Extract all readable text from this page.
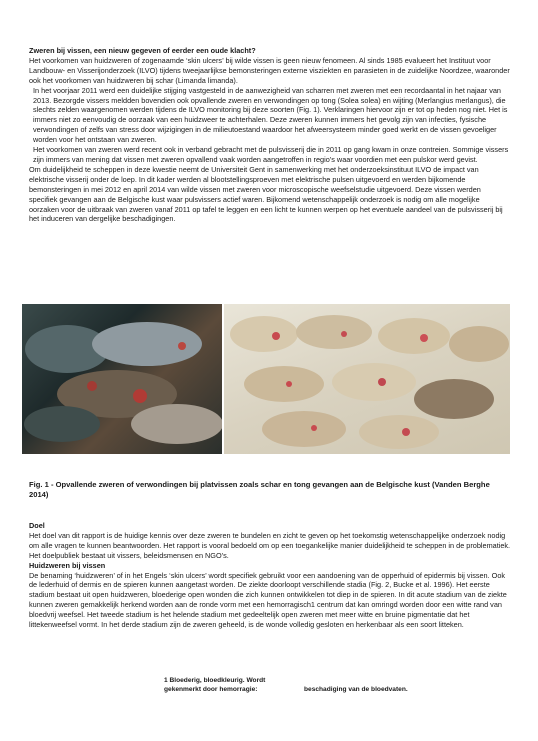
Zweren bij vissen, een nieuw gegeven of eerder een oude klacht?

Het voorkomen van huidzweren of zogenaamde ‘skin ulcers’ bij wilde vissen is geen nieuw fenomeen. Al sinds 1985 evalueert het Instituut voor Landbouw- en Visserijonderzoek (ILVO) tijdens tweejaarlijkse bemonsteringen externe visziekten en parasieten in de zuidelijke Noordzee, waaronder ook het voorkomen van huidzweren bij schar (Limanda limanda).

In het voorjaar 2011 werd een duidelijke stijging vastgesteld in de aanwezigheid van scharren met zweren met een recordaantal in het najaar van 2013. Bezorgde vissers meldden bovendien ook opvallende zweren en verwondingen op tong (Solea solea) en wijting (Merlangius merlangus), die slechts zelden waargenomen werden tijdens de ILVO monitoring bij deze soorten (Fig. 1). Verklaringen hiervoor zijn er tot op heden nog niet. Het is immers niet zo eenvoudig de oorzaak van een huidzweer te achterhalen. Deze zweren kunnen immers het gevolg zijn van infecties, fysische verwondingen of zelfs van stress door wijzigingen in de milieutoestand waardoor het afweersysteem minder goed werkt en de vissen gevoeliger worden voor het ontstaan van zweren.

Het voorkomen van zweren werd recent ook in verband gebracht met de pulsvisserij die in 2011 op gang kwam in onze contreien. Sommige vissers zijn immers van mening dat vissen met zweren opvallend vaak worden aangetroffen in regio’s waar voordien met een pulskor werd gevist.

Om duidelijkheid te scheppen in deze kwestie neemt de Universiteit Gent in samenwerking met het onderzoeksinstituut ILVO de impact van elektrische visserij onder de loep. In dit kader werden al blootstellingsproeven met elektrische pulsen uitgevoerd en werden bijkomende bemonsteringen in mei 2012 en april 2014 van wilde vissen met zweren voor microscopische weefselstudie uitgevoerd. Deze vissen werden specifiek gevangen aan de Belgische kust waar pulsvissers actief waren. Bijkomend wetenschappelijk onderzoek is nodig om alle mogelijke oorzaken voor de uitbraak van zweren vanaf 2011 op tafel te leggen en een licht te kunnen werpen op het eventuele aandeel van de pulsvisserij bij het induceren van dergelijke beschadigingen.

Fig. 1 - Opvallende zweren of verwondingen bij platvissen zoals schar en tong gevangen aan de Belgische kust (Vanden Berghe 2014)

Doel

Het doel van dit rapport is de huidige kennis over deze zweren te bundelen en zicht te geven op het toekomstig wetenschappelijke onderzoek nodig om alle vragen te kunnen beantwoorden. Het rapport is vooral bedoeld om op een toegankelijke manier duidelijkheid te scheppen in de problematiek. Het doelpubliek bestaat uit vissers, beleidsmensen en NGO’s.

Huidzweren bij vissen

De benaming ‘huidzweren’ of in het Engels ‘skin ulcers’ wordt specifiek gebruikt voor een aandoening van de opperhuid of epidermis bij vissen. Ook de lederhuid of dermis en de spieren kunnen aangetast worden. De ziekte doorloopt verschillende stadia (Fig. 2, Bucke et al. 1996). Het eerste stadium bestaat uit open huidzweren, bloederige open wonden die zich kunnen ontwikkelen tot diep in de spieren. In dit acute stadium van de ziekte kunnen zweren gemakkelijk herkend worden aan de ronde vorm met een hemorragisch1 centrum dat kan omringd worden door een witte rand van bloedvrij weefsel. Het tweede stadium is het helende stadium met gedeeltelijk open zweren met meer witte en bruine pigmentatie dat het littekenweefsel vormt. In het derde stadium zijn de zweren geheeld, is de wonde volledig gesloten en herkenbaar als een soort litteken.

1 Bloederig, bloedkleurig. Wordt
gekenmerkt door hemorragie:	beschadiging van de bloedvaten.
